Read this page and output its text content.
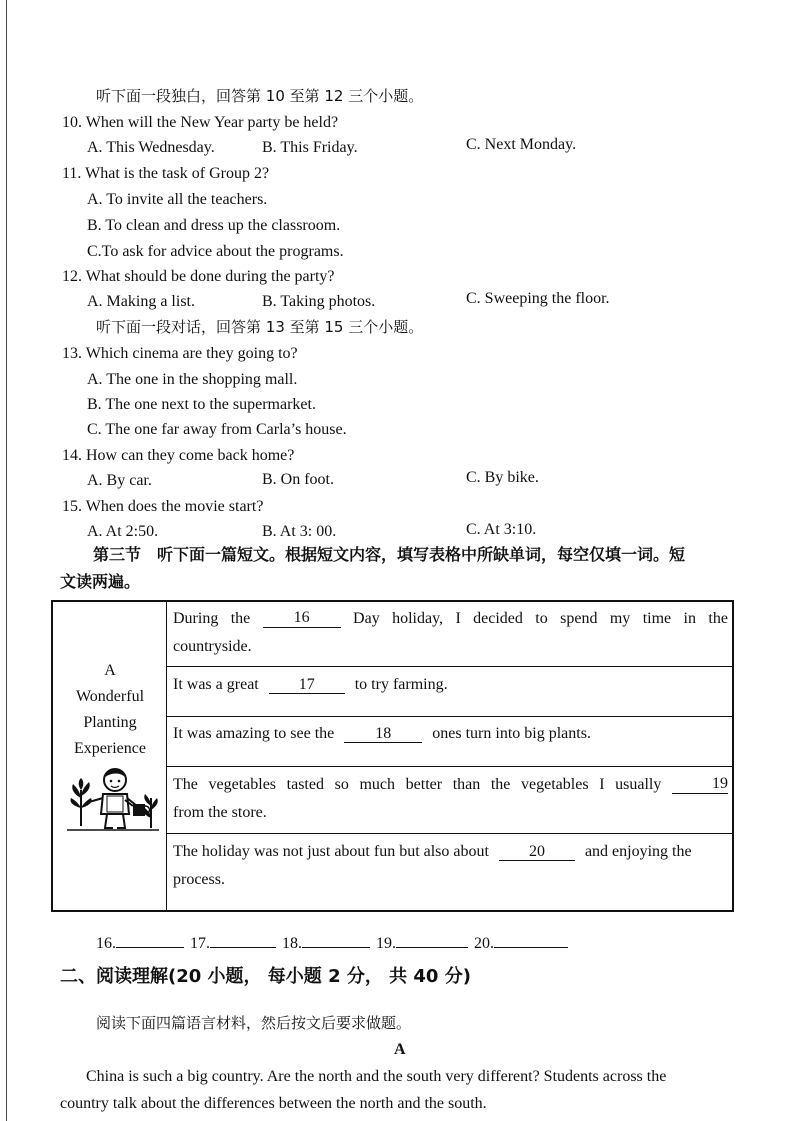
听下面一段独白，回答第 10 至第 12 三个小题。
10. When will the New Year party be held?
A. This Wednesday.	B. This Friday.	C. Next Monday.
11. What is the task of Group 2?
A. To invite all the teachers.
B. To clean and dress up the classroom.
C.To ask for advice about the programs.
12. What should be done during the party?
A. Making a list.	B. Taking photos.	C. Sweeping the floor.
听下面一段对话，回答第 13 至第 15 三个小题。
13. Which cinema are they going to?
A. The one in the shopping mall.
B. The one next to the supermarket.
C. The one far away from Carla’s house.
14. How can they come back home?
A. By car.	B. On foot.	C. By bike.
15. When does the movie start?
A. At 2:50.	B. At 3: 00.	C. At 3:10.
第三节　听下面一篇短文。根据短文内容，填写表格中所缺单词，每空仅填一词。短
文读两遍。
A
Wonderful
Planting
Experience
During the	16	Day holiday, I decided to spend my time in the
countryside.
It was a great	17	to try farming.
It was amazing to see the	18	ones turn into big plants.
The vegetables tasted so much better than the vegetables I usually	19
from the store.
The holiday was not just about fun but also about	20	and enjoying the
process.
16.	17.	18.	19.	20.
二、阅读理解(20 小题， 每小题 2 分， 共 40 分)
阅读下面四篇语言材料，然后按文后要求做题。
A
China is such a big country. Are the north and the south very different? Students across the
country talk about the differences between the north and the south.
